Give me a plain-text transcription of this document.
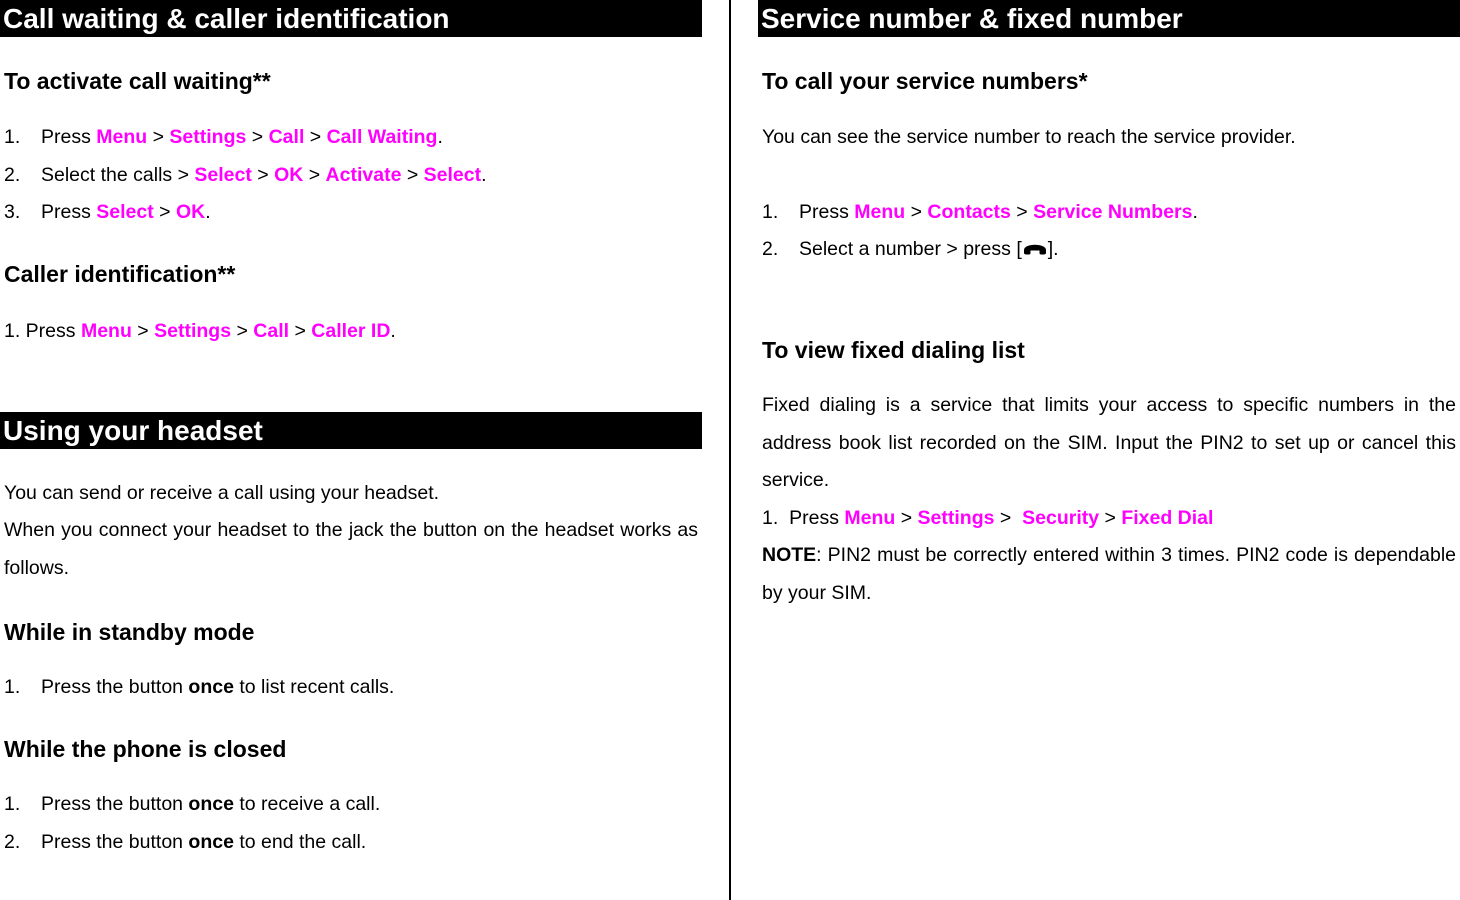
Call waiting & caller identification
To activate call waiting**
1. Press Menu > Settings > Call > Call Waiting.
2. Select the calls > Select > OK > Activate > Select.
3. Press Select > OK.
Caller identification**
1. Press Menu > Settings > Call > Caller ID.
Using your headset
You can send or receive a call using your headset.
When you connect your headset to the jack the button on the headset works as follows.
While in standby mode
1. Press the button once to list recent calls.
While the phone is closed
1. Press the button once to receive a call.
2. Press the button once to end the call.
Service number & fixed number
To call your service numbers*
You can see the service number to reach the service provider.
1. Press Menu > Contacts > Service Numbers.
2. Select a number > press [ ].
To view fixed dialing list
Fixed dialing is a service that limits your access to specific numbers in the address book list recorded on the SIM. Input the PIN2 to set up or cancel this service.
1.  Press Menu > Settings >  Security > Fixed Dial
NOTE: PIN2 must be correctly entered within 3 times. PIN2 code is dependable by your SIM.
